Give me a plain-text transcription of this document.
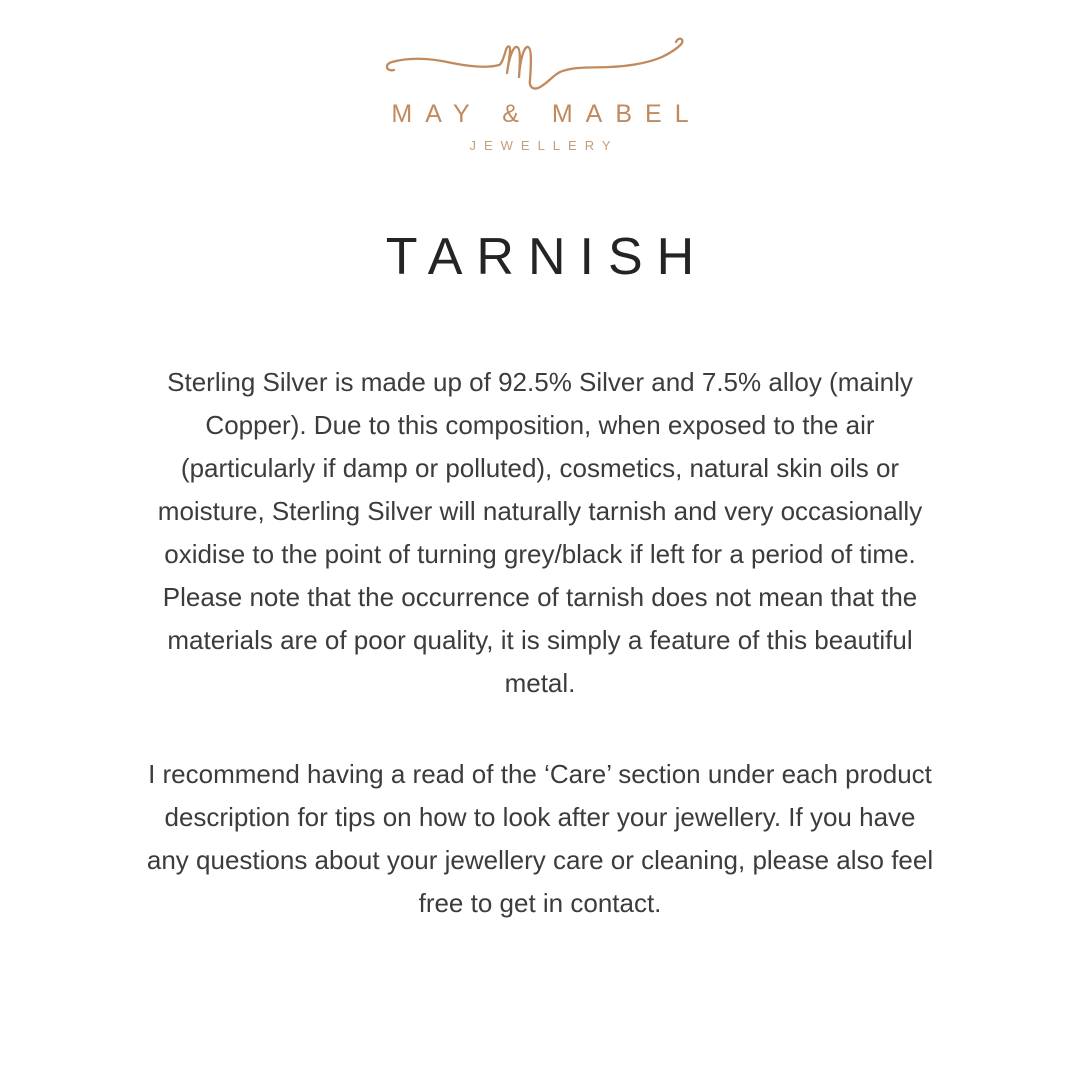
MAY & MABEL
JEWELLERY
TARNISH

Sterling Silver is made up of 92.5% Silver and 7.5% alloy (mainly
Copper). Due to this composition, when exposed to the air
(particularly if damp or polluted), cosmetics, natural skin oils or
moisture, Sterling Silver will naturally tarnish and very occasionally
oxidise to the point of turning grey/black if left for a period of time.
Please note that the occurrence of tarnish does not mean that the
materials are of poor quality, it is simply a feature of this beautiful
metal.

I recommend having a read of the ‘Care’ section under each product
description for tips on how to look after your jewellery. If you have
any questions about your jewellery care or cleaning, please also feel
free to get in contact.
